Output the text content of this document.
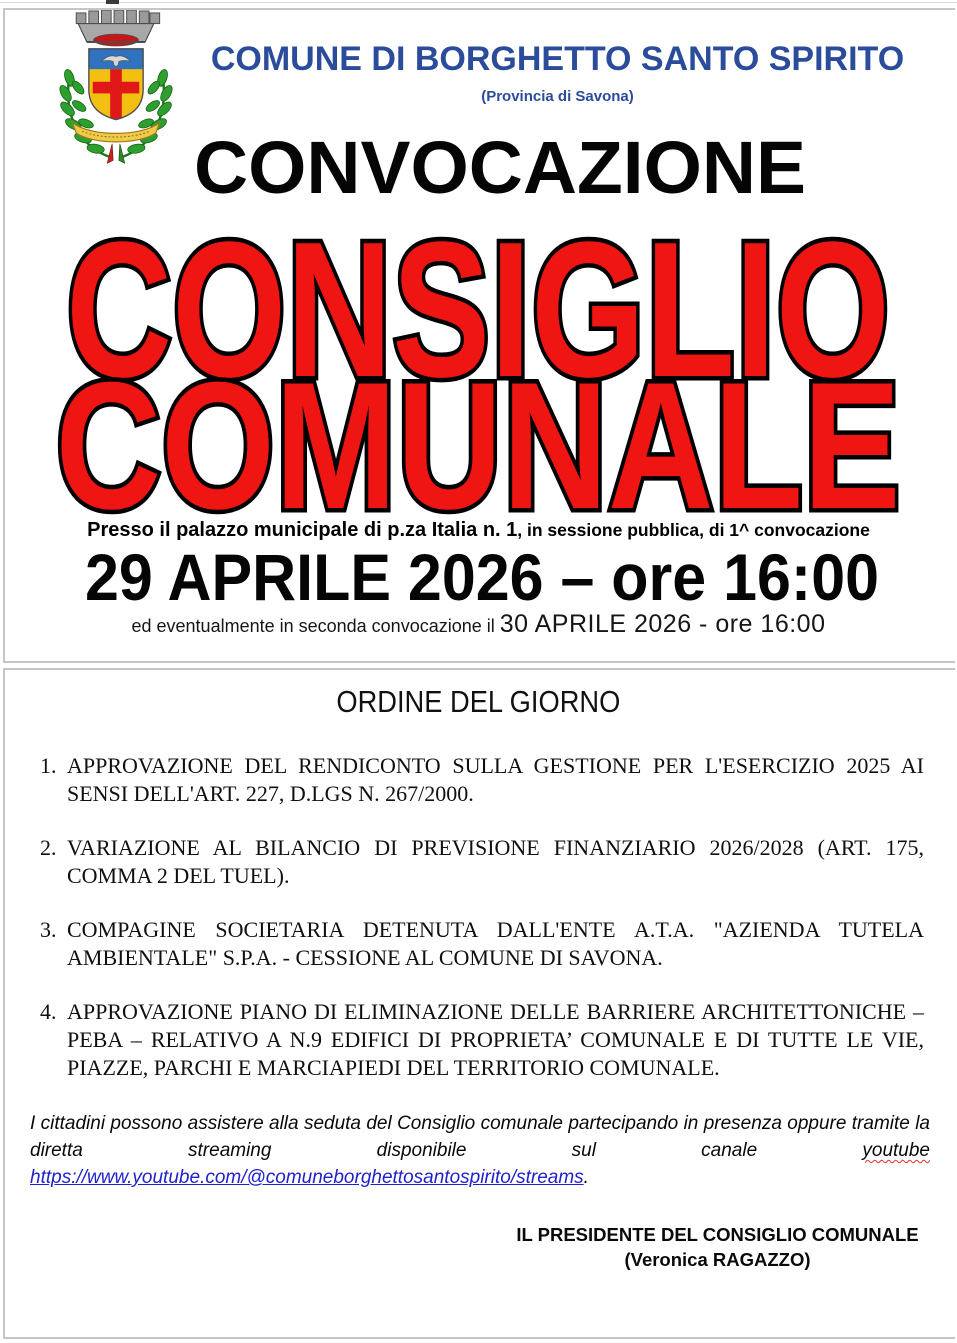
COMUNE DI BORGHETTO SANTO SPIRITO
(Provincia di Savona)
CONVOCAZIONE
CONSIGLIO
COMUNALE
Presso il palazzo municipale di p.za Italia n. 1, in sessione pubblica, di 1^ convocazione
29 APRILE 2026 – ore 16:00
ed eventualmente in seconda convocazione il 30 APRILE 2026 - ore 16:00
ORDINE DEL GIORNO
1. APPROVAZIONE DEL RENDICONTO SULLA GESTIONE PER L'ESERCIZIO 2025 AI SENSI DELL'ART. 227, D.LGS N. 267/2000.
2. VARIAZIONE AL BILANCIO DI PREVISIONE FINANZIARIO 2026/2028 (ART. 175, COMMA 2 DEL TUEL).
3. COMPAGINE SOCIETARIA DETENUTA DALL'ENTE A.T.A. "AZIENDA TUTELA AMBIENTALE" S.P.A. - CESSIONE AL COMUNE DI SAVONA.
4. APPROVAZIONE PIANO DI ELIMINAZIONE DELLE BARRIERE ARCHITETTONICHE – PEBA – RELATIVO A N.9 EDIFICI DI PROPRIETA’ COMUNALE E DI TUTTE LE VIE, PIAZZE, PARCHI E MARCIAPIEDI DEL TERRITORIO COMUNALE.
I cittadini possono assistere alla seduta del Consiglio comunale partecipando in presenza oppure tramite la diretta streaming disponibile sul canale youtube https://www.youtube.com/@comuneborghettosantospirito/streams.
IL PRESIDENTE DEL CONSIGLIO COMUNALE
(Veronica RAGAZZO)
